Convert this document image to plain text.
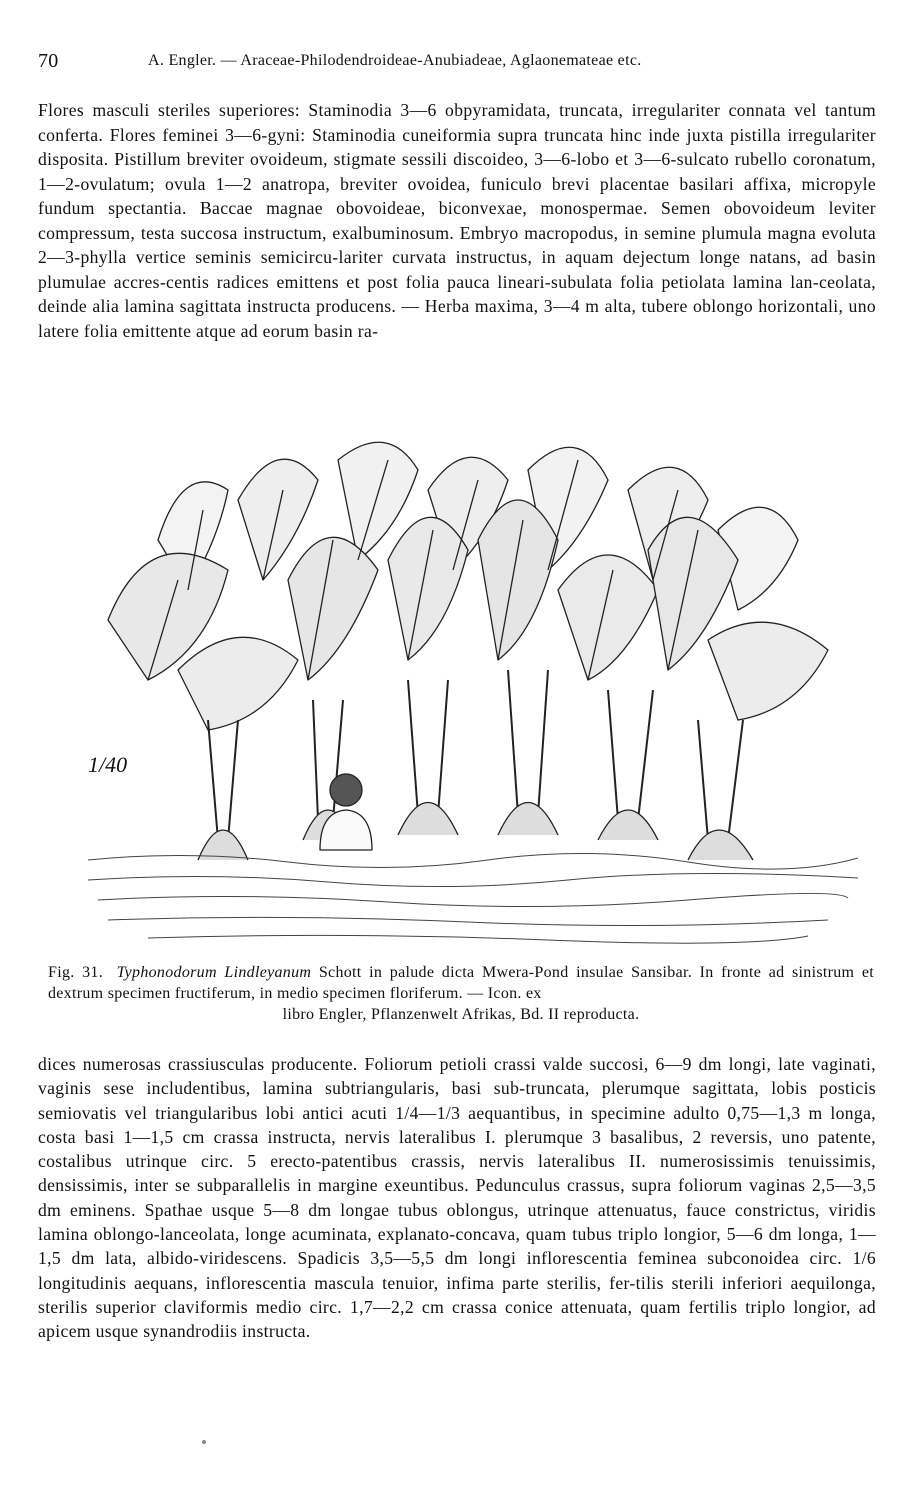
70	A. Engler. — Araceae-Philodendroideae-Anubiadeae, Aglaonemateae etc.

Flores masculi steriles superiores: Staminodia 3—6 obpyramidata, truncata, irregulariter connata vel tantum conferta. Flores feminei 3—6-gyni: Staminodia cuneiformia supra truncata hinc inde juxta pistilla irregulariter disposita. Pistillum breviter ovoideum, stigmate sessili discoideo, 3—6-lobo et 3—6-sulcato rubello coronatum, 1—2-ovulatum; ovula 1—2 anatropa, breviter ovoidea, funiculo brevi placentae basilari affixa, micropyle fundum spectantia. Baccae magnae obovoideae, biconvexae, monospermae. Semen obovoideum leviter compressum, testa succosa instructum, exalbuminosum. Embryo macropodus, in semine plumula magna evoluta 2—3-phylla vertice seminis semicircu-lariter curvata instructus, in aquam dejectum longe natans, ad basin plumulae accres-centis radices emittens et post folia pauca lineari-subulata folia petiolata lamina lan-ceolata, deinde alia lamina sagittata instructa producens. — Herba maxima, 3—4 m alta, tubere oblongo horizontali, uno latere folia emittente atque ad eorum basin ra-

1/40
Fig. 31. Typhonodorum Lindleyanum Schott in palude dicta Mwera-Pond insulae Sansibar. In fronte ad sinistrum et dextrum specimen fructiferum, in medio specimen floriferum. — Icon. ex
libro Engler, Pflanzenwelt Afrikas, Bd. II reproducta.

dices numerosas crassiusculas producente. Foliorum petioli crassi valde succosi, 6—9 dm longi, late vaginati, vaginis sese includentibus, lamina subtriangularis, basi sub-truncata, plerumque sagittata, lobis posticis semiovatis vel triangularibus lobi antici acuti 1/4—1/3 aequantibus, in specimine adulto 0,75—1,3 m longa, costa basi 1—1,5 cm crassa instructa, nervis lateralibus I. plerumque 3 basalibus, 2 reversis, uno patente, costalibus utrinque circ. 5 erecto-patentibus crassis, nervis lateralibus II. numerosissimis tenuissimis, densissimis, inter se subparallelis in margine exeuntibus. Pedunculus crassus, supra foliorum vaginas 2,5—3,5 dm eminens. Spathae usque 5—8 dm longae tubus oblongus, utrinque attenuatus, fauce constrictus, viridis lamina oblongo-lanceolata, longe acuminata, explanato-concava, quam tubus triplo longior, 5—6 dm longa, 1—1,5 dm lata, albido-viridescens. Spadicis 3,5—5,5 dm longi inflorescentia feminea subconoidea circ. 1/6 longitudinis aequans, inflorescentia mascula tenuior, infima parte sterilis, fer-tilis sterili inferiori aequilonga, sterilis superior claviformis medio circ. 1,7—2,2 cm crassa conice attenuata, quam fertilis triplo longior, ad apicem usque synandrodiis instructa.
